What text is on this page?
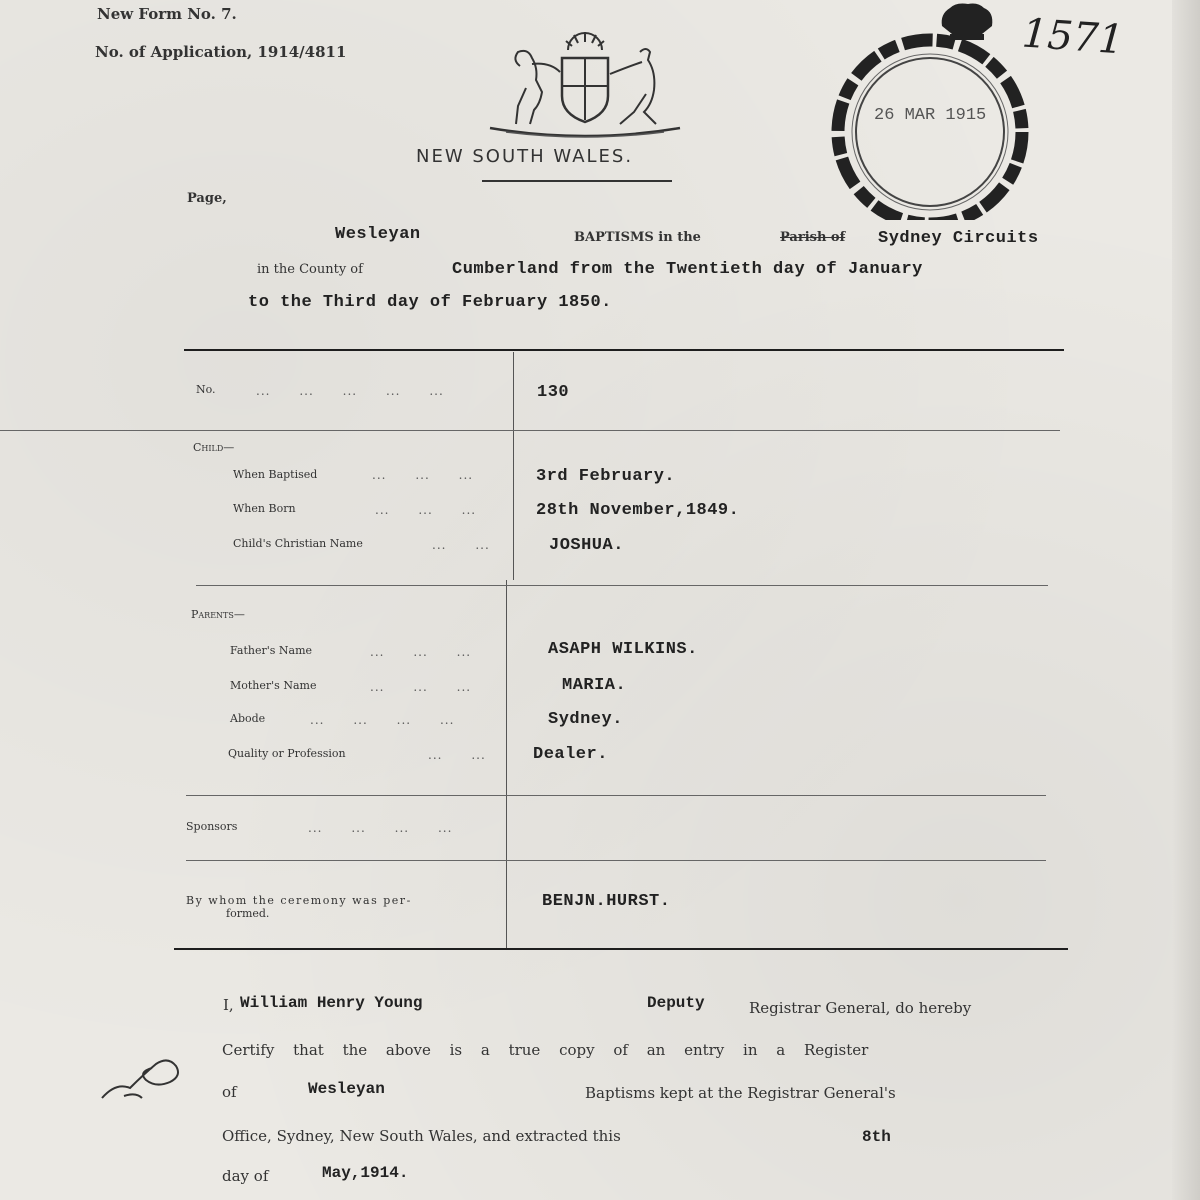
New Form No. 7.
No. of Application, 1914/4811	1571
NEW SOUTH WALES.
26 MAR 1915
Page,
Wesleyan	BAPTISMS in the	Parish of Sydney Circuits
in the County of	Cumberland from the Twentieth day of January
to the Third day of February 1850.
No.	...      ...      ...      ...      ...	130
Child—
When Baptised	...      ...      ...	3rd February.
When Born	...      ...      ...	28th November,1849.
Child's Christian Name	...      ...	JOSHUA.
Parents—
Father's Name	...      ...      ...	ASAPH WILKINS.
Mother's Name	...      ...      ...	MARIA.
Abode	...      ...      ...      ...	Sydney.
Quality or Profession	...      ...	Dealer.
Sponsors	...      ...      ...      ...
By whom the ceremony was per-
formed.
BENJN.HURST.
I, William Henry Young	Deputy	Registrar General, do hereby
Certify that the above is a true copy of an entry in a Register
of	Wesleyan	Baptisms kept at the Registrar General's
Office, Sydney, New South Wales, and extracted this	8th
day of	May,1914.
